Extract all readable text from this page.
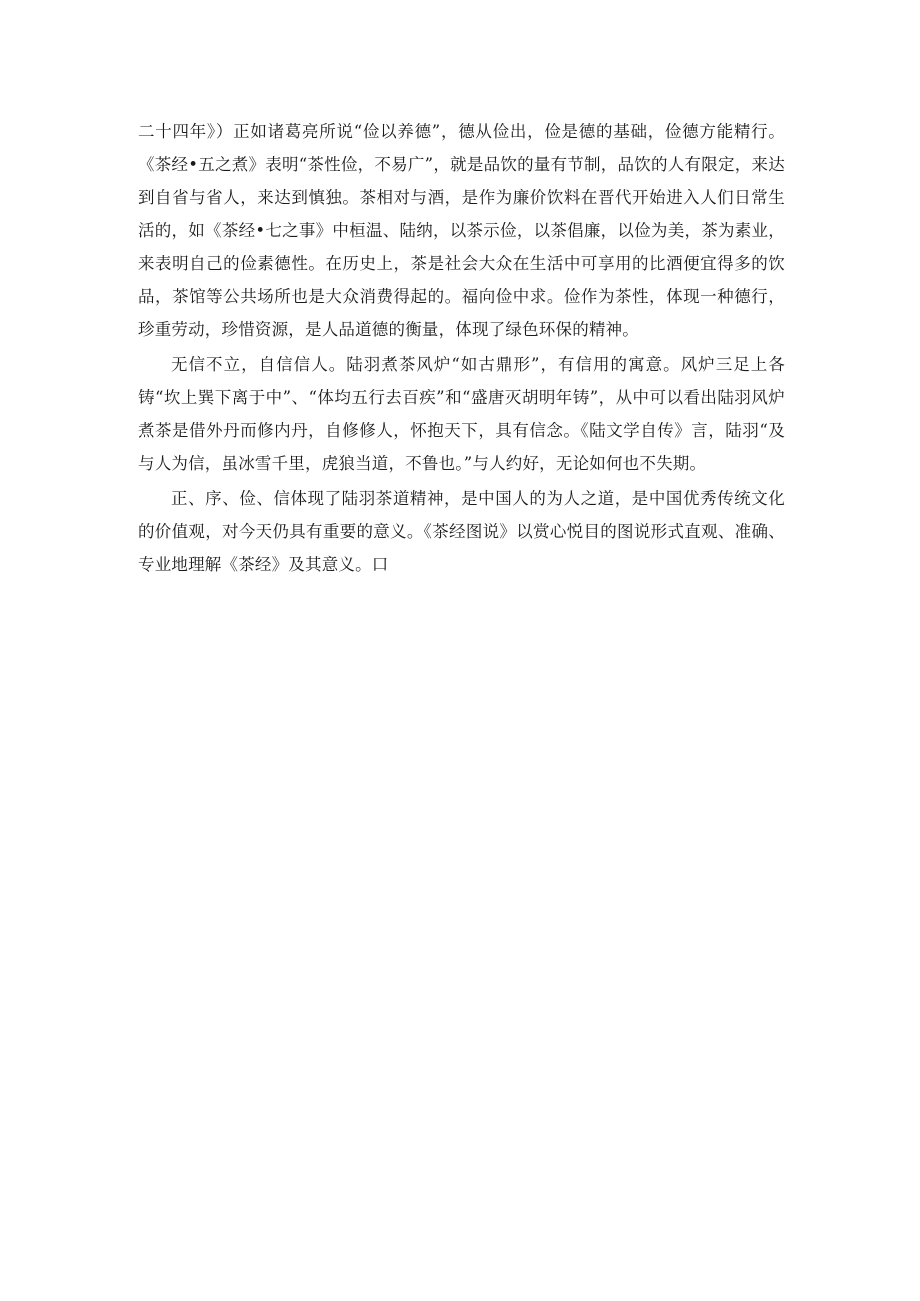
二十四年》）正如诸葛亮所说“俭以养德”，德从俭出，俭是德的基础，俭德方能精行。《茶经•五之煮》表明“茶性俭，不易广”，就是品饮的量有节制，品饮的人有限定，来达到自省与省人，来达到慎独。茶相对与酒，是作为廉价饮料在晋代开始进入人们日常生活的，如《茶经•七之事》中桓温、陆纳，以茶示俭，以茶倡廉，以俭为美，茶为素业，来表明自己的俭素德性。在历史上，茶是社会大众在生活中可享用的比酒便宜得多的饮品，茶馆等公共场所也是大众消费得起的。福向俭中求。俭作为茶性，体现一种德行，珍重劳动，珍惜资源，是人品道德的衡量，体现了绿色环保的精神。

无信不立，自信信人。陆羽煮茶风炉“如古鼎形”，有信用的寓意。风炉三足上各铸“坎上巽下离于中”、“体均五行去百疾”和“盛唐灭胡明年铸”，从中可以看出陆羽风炉煮茶是借外丹而修内丹，自修修人，怀抱天下，具有信念。《陆文学自传》言，陆羽“及与人为信，虽冰雪千里，虎狼当道，不鲁也。”与人约好，无论如何也不失期。

正、序、俭、信体现了陆羽茶道精神，是中国人的为人之道，是中国优秀传统文化的价值观，对今天仍具有重要的意义。《茶经图说》以赏心悦目的图说形式直观、准确、专业地理解《茶经》及其意义。口
